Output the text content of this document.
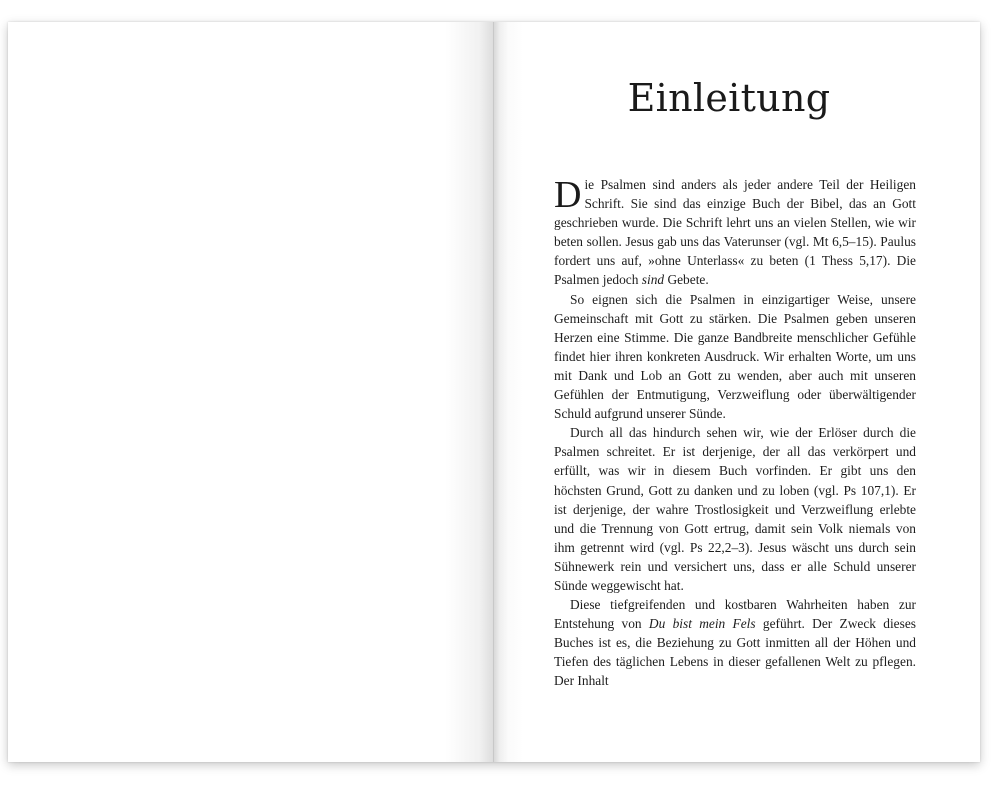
Einleitung

Die Psalmen sind anders als jeder andere Teil der Heiligen Schrift. Sie sind das einzige Buch der Bibel, das an Gott geschrieben wurde. Die Schrift lehrt uns an vielen Stellen, wie wir beten sollen. Jesus gab uns das Vaterunser (vgl. Mt 6,5–15). Paulus fordert uns auf, »ohne Unterlass« zu beten (1 Thess 5,17). Die Psalmen jedoch sind Gebete.

So eignen sich die Psalmen in einzigartiger Weise, unsere Gemeinschaft mit Gott zu stärken. Die Psalmen geben unseren Herzen eine Stimme. Die ganze Bandbreite menschlicher Gefühle findet hier ihren konkreten Ausdruck. Wir erhalten Worte, um uns mit Dank und Lob an Gott zu wenden, aber auch mit unseren Gefühlen der Entmutigung, Verzweiflung oder überwältigender Schuld aufgrund unserer Sünde.

Durch all das hindurch sehen wir, wie der Erlöser durch die Psalmen schreitet. Er ist derjenige, der all das verkörpert und erfüllt, was wir in diesem Buch vorfinden. Er gibt uns den höchsten Grund, Gott zu danken und zu loben (vgl. Ps 107,1). Er ist derjenige, der wahre Trostlosigkeit und Verzweiflung erlebte und die Trennung von Gott ertrug, damit sein Volk niemals von ihm getrennt wird (vgl. Ps 22,2–3). Jesus wäscht uns durch sein Sühnewerk rein und versichert uns, dass er alle Schuld unserer Sünde weggewischt hat.

Diese tiefgreifenden und kostbaren Wahrheiten haben zur Entstehung von Du bist mein Fels geführt. Der Zweck dieses Buches ist es, die Beziehung zu Gott inmitten all der Höhen und Tiefen des täglichen Lebens in dieser gefallenen Welt zu pflegen. Der Inhalt
